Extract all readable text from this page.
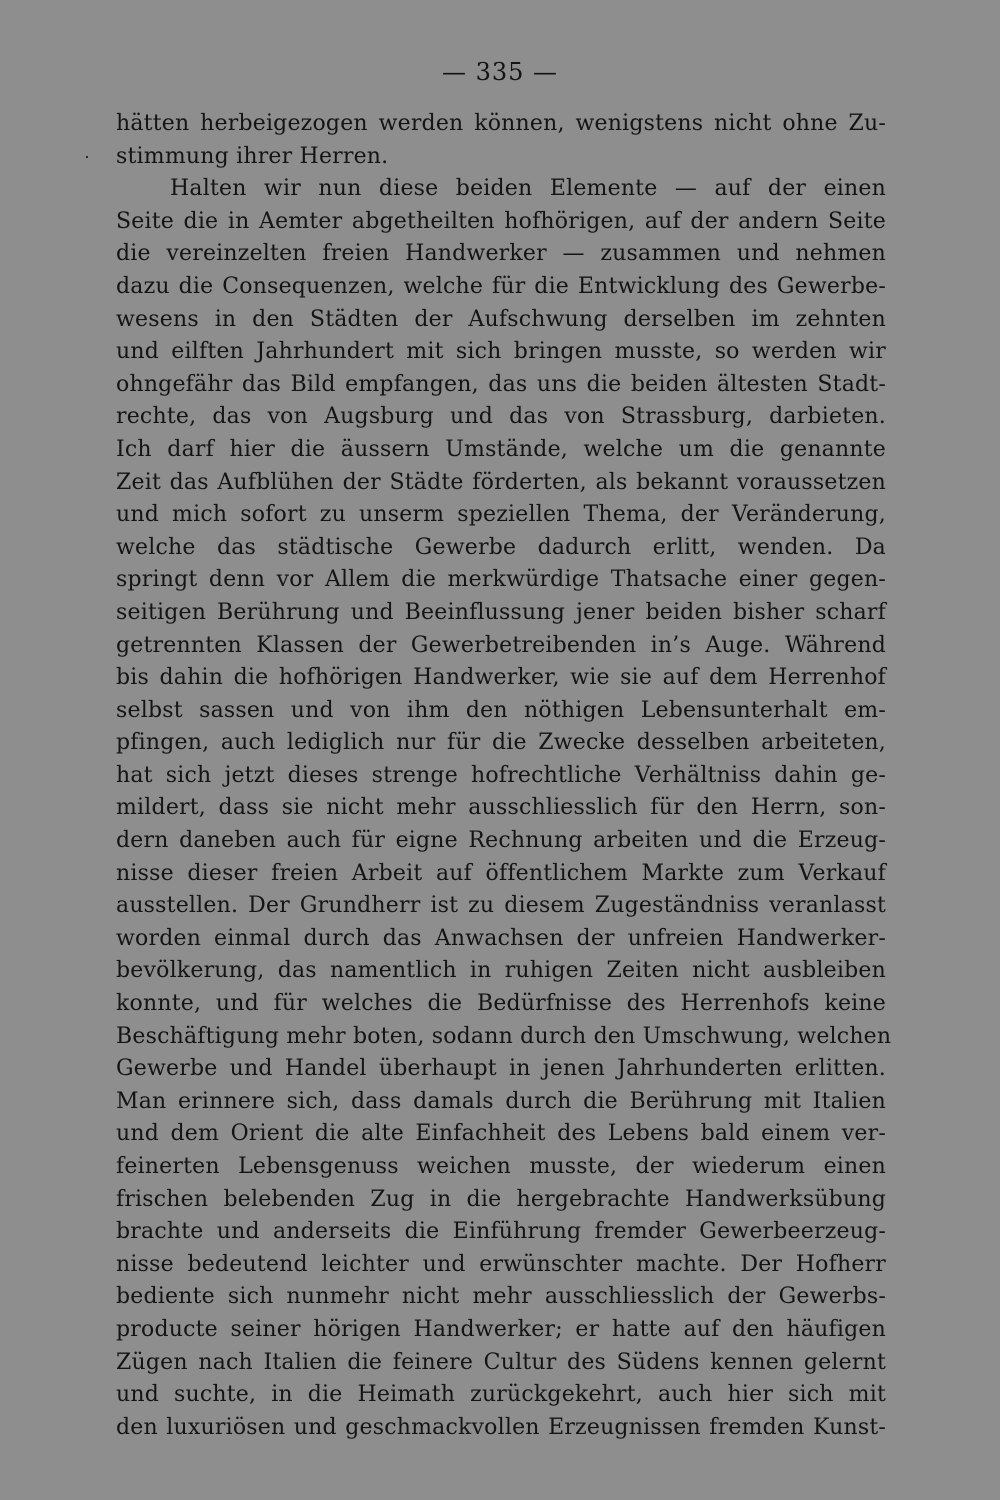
— 335 —
hätten herbeigezogen werden können, wenigstens nicht ohne Zu-
stimmung ihrer Herren.
Halten wir nun diese beiden Elemente — auf der einen
Seite die in Aemter abgetheilten hofhörigen, auf der andern Seite
die vereinzelten freien Handwerker — zusammen und nehmen
dazu die Consequenzen, welche für die Entwicklung des Gewerbe-
wesens in den Städten der Aufschwung derselben im zehnten
und eilften Jahrhundert mit sich bringen musste, so werden wir
ohngefähr das Bild empfangen, das uns die beiden ältesten Stadt-
rechte, das von Augsburg und das von Strassburg, darbieten.
Ich darf hier die äussern Umstände, welche um die genannte
Zeit das Aufblühen der Städte förderten, als bekannt voraussetzen
und mich sofort zu unserm speziellen Thema, der Veränderung,
welche das städtische Gewerbe dadurch erlitt, wenden. Da
springt denn vor Allem die merkwürdige Thatsache einer gegen-
seitigen Berührung und Beeinflussung jener beiden bisher scharf
getrennten Klassen der Gewerbetreibenden in’s Auge. Während
bis dahin die hofhörigen Handwerker, wie sie auf dem Herrenhof
selbst sassen und von ihm den nöthigen Lebensunterhalt em-
pfingen, auch lediglich nur für die Zwecke desselben arbeiteten,
hat sich jetzt dieses strenge hofrechtliche Verhältniss dahin ge-
mildert, dass sie nicht mehr ausschliesslich für den Herrn, son-
dern daneben auch für eigne Rechnung arbeiten und die Erzeug-
nisse dieser freien Arbeit auf öffentlichem Markte zum Verkauf
ausstellen. Der Grundherr ist zu diesem Zugeständniss veranlasst
worden einmal durch das Anwachsen der unfreien Handwerker-
bevölkerung, das namentlich in ruhigen Zeiten nicht ausbleiben
konnte, und für welches die Bedürfnisse des Herrenhofs keine
Beschäftigung mehr boten, sodann durch den Umschwung, welchen
Gewerbe und Handel überhaupt in jenen Jahrhunderten erlitten.
Man erinnere sich, dass damals durch die Berührung mit Italien
und dem Orient die alte Einfachheit des Lebens bald einem ver-
feinerten Lebensgenuss weichen musste, der wiederum einen
frischen belebenden Zug in die hergebrachte Handwerksübung
brachte und anderseits die Einführung fremder Gewerbeerzeug-
nisse bedeutend leichter und erwünschter machte. Der Hofherr
bediente sich nunmehr nicht mehr ausschliesslich der Gewerbs-
producte seiner hörigen Handwerker; er hatte auf den häufigen
Zügen nach Italien die feinere Cultur des Südens kennen gelernt
und suchte, in die Heimath zurückgekehrt, auch hier sich mit
den luxuriösen und geschmackvollen Erzeugnissen fremden Kunst-
